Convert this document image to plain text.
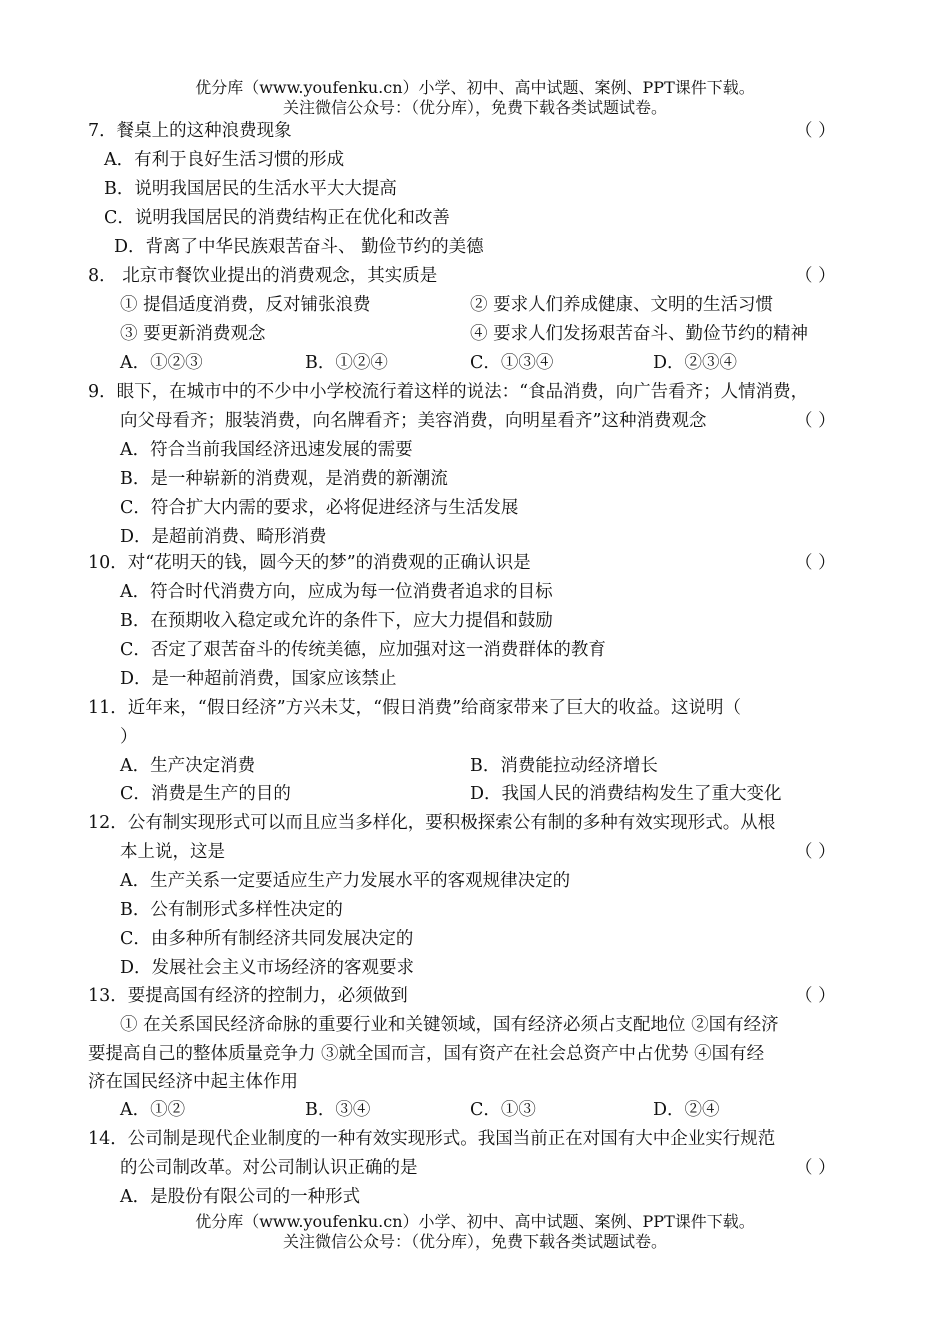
优分库（www.youfenku.cn）小学、初中、高中试题、案例、PPT课件下载。
关注微信公众号：（优分库），免费下载各类试题试卷。
7．餐桌上的这种浪费现象	（ ）
A．有利于良好生活习惯的形成
B．说明我国居民的生活水平大大提高
C．说明我国居民的消费结构正在优化和改善
D．背离了中华民族艰苦奋斗、 勤俭节约的美德
8． 北京市餐饮业提出的消费观念，其实质是	（ ）
① 提倡适度消费，反对铺张浪费	② 要求人们养成健康、文明的生活习惯
③ 要更新消费观念	④ 要求人们发扬艰苦奋斗、勤俭节约的精神
A．①②③	B．①②④	C．①③④	D．②③④
9．眼下，在城市中的不少中小学校流行着这样的说法：“食品消费，向广告看齐；人情消费，
向父母看齐；服装消费，向名牌看齐；美容消费，向明星看齐”这种消费观念	（ ）
A．符合当前我国经济迅速发展的需要
B．是一种崭新的消费观，是消费的新潮流
C．符合扩大内需的要求，必将促进经济与生活发展
D．是超前消费、畸形消费
10．对“花明天的钱，圆今天的梦”的消费观的正确认识是	（ ）
A．符合时代消费方向，应成为每一位消费者追求的目标
B．在预期收入稳定或允许的条件下，应大力提倡和鼓励
C．否定了艰苦奋斗的传统美德，应加强对这一消费群体的教育
D．是一种超前消费，国家应该禁止
11．近年来，“假日经济”方兴未艾，“假日消费”给商家带来了巨大的收益。这说明（
）
A．生产决定消费	B．消费能拉动经济增长
C．消费是生产的目的	D．我国人民的消费结构发生了重大变化
12．公有制实现形式可以而且应当多样化，要积极探索公有制的多种有效实现形式。从根
本上说，这是	（ ）
A．生产关系一定要适应生产力发展水平的客观规律决定的
B．公有制形式多样性决定的
C．由多种所有制经济共同发展决定的
D．发展社会主义市场经济的客观要求
13．要提高国有经济的控制力，必须做到	（ ）
① 在关系国民经济命脉的重要行业和关键领域，国有经济必须占支配地位 ②国有经济
要提高自己的整体质量竞争力 ③就全国而言，国有资产在社会总资产中占优势 ④国有经
济在国民经济中起主体作用
A．①②	B．③④	C．①③	D．②④
14．公司制是现代企业制度的一种有效实现形式。我国当前正在对国有大中企业实行规范
的公司制改革。对公司制认识正确的是	（ ）
A．是股份有限公司的一种形式
优分库（www.youfenku.cn）小学、初中、高中试题、案例、PPT课件下载。
关注微信公众号：（优分库），免费下载各类试题试卷。
